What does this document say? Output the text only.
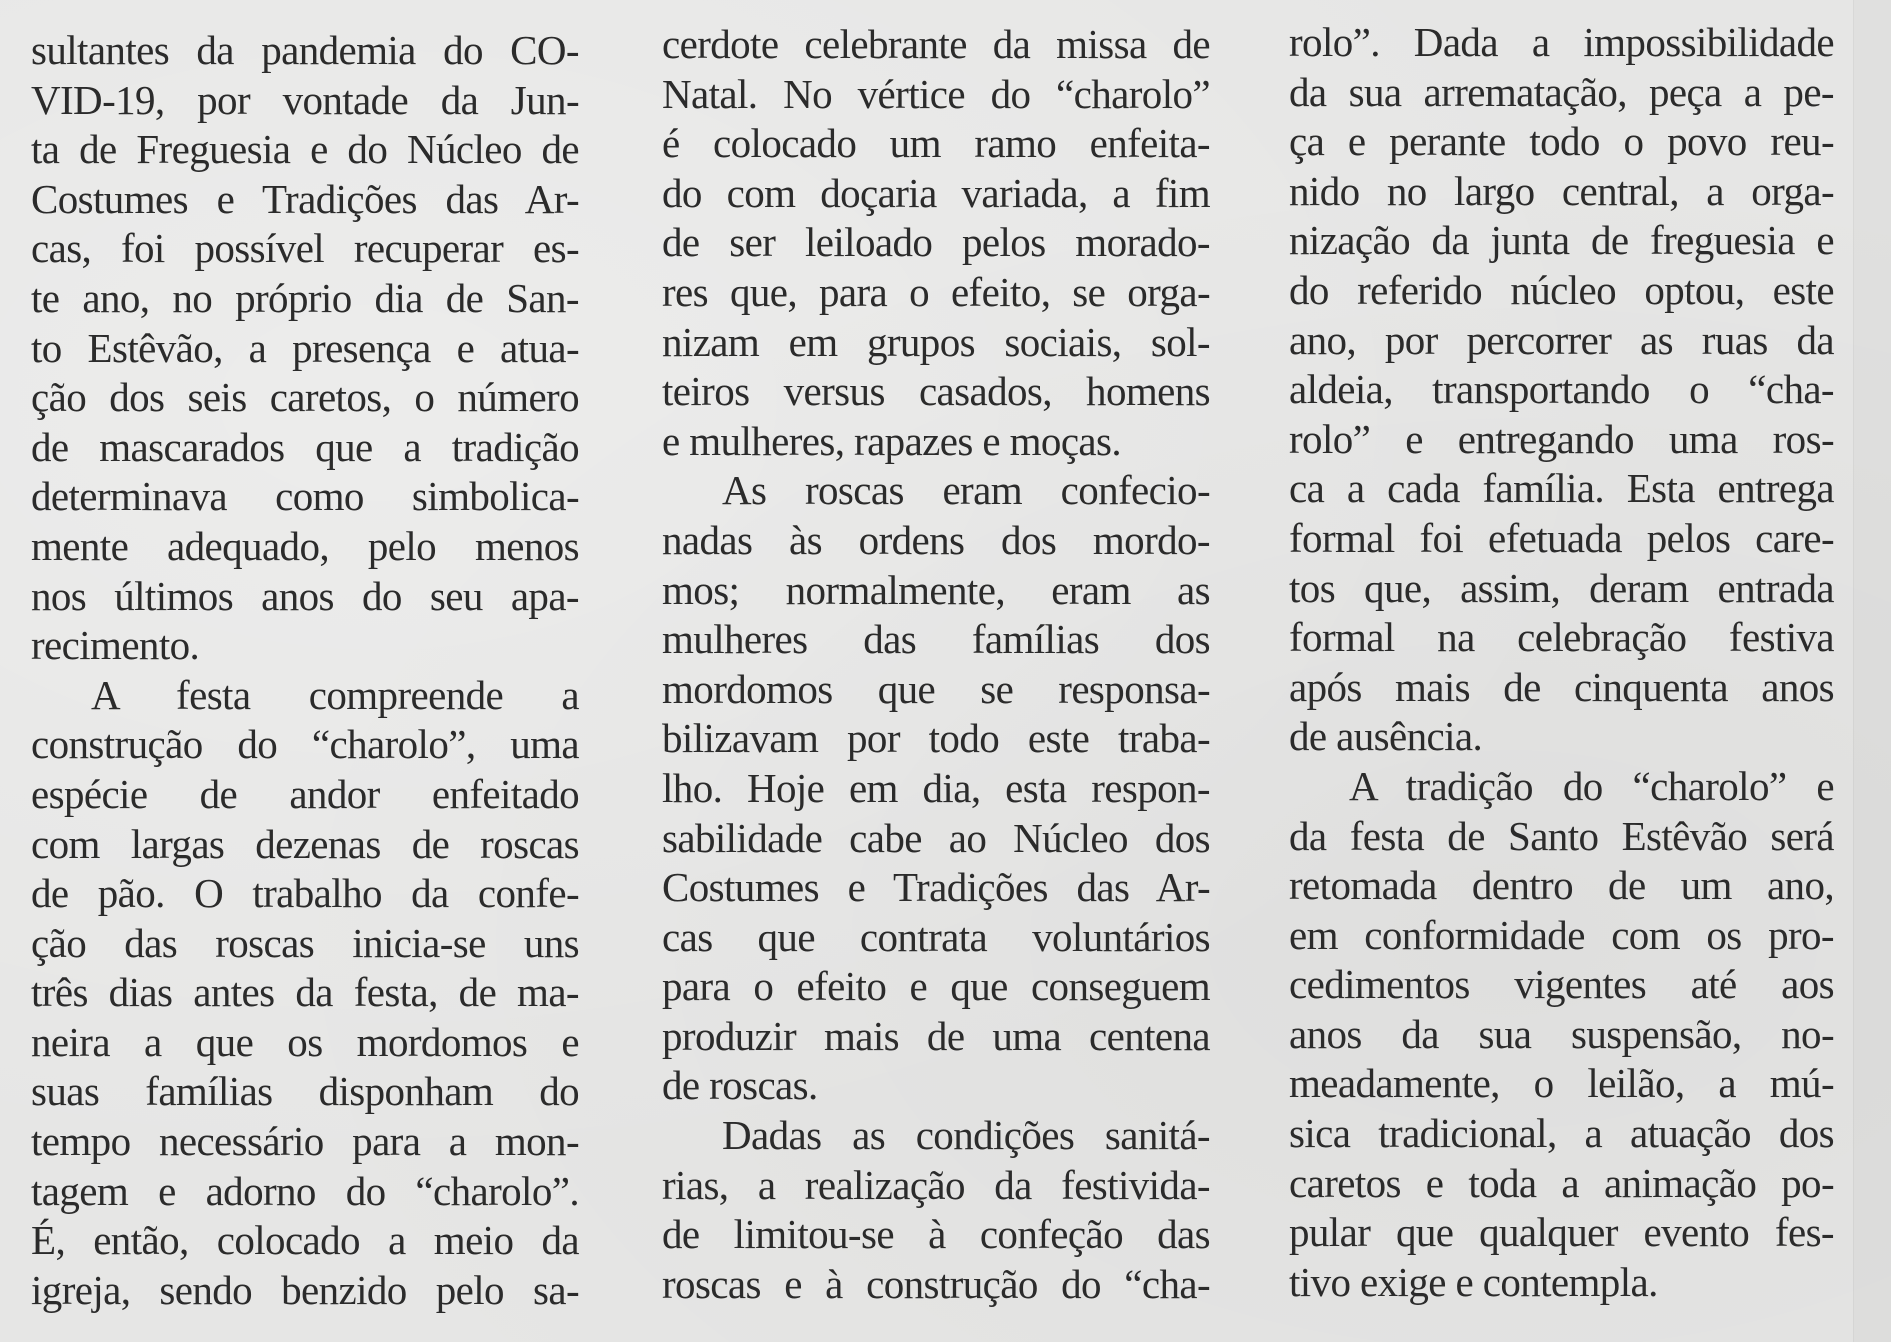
sultantes da pandemia do CO-
VID-19, por vontade da Jun-
ta de Freguesia e do Núcleo de
Costumes e Tradições das Ar-
cas, foi possível recuperar es-
te ano, no próprio dia de San-
to Estêvão, a presença e atua-
ção dos seis caretos, o número
de mascarados que a tradição
determinava como simbolica-
mente adequado, pelo menos
nos últimos anos do seu apa-
recimento.
A festa compreende a
construção do “charolo”, uma
espécie de andor enfeitado
com largas dezenas de roscas
de pão. O trabalho da confe-
ção das roscas inicia-se uns
três dias antes da festa, de ma-
neira a que os mordomos e
suas famílias disponham do
tempo necessário para a mon-
tagem e adorno do “charolo”.
É, então, colocado a meio da
igreja, sendo benzido pelo sa-
cerdote celebrante da missa de
Natal. No vértice do “charolo”
é colocado um ramo enfeita-
do com doçaria variada, a fim
de ser leiloado pelos morado-
res que, para o efeito, se orga-
nizam em grupos sociais, sol-
teiros versus casados, homens
e mulheres, rapazes e moças.
As roscas eram confecio-
nadas às ordens dos mordo-
mos; normalmente, eram as
mulheres das famílias dos
mordomos que se responsa-
bilizavam por todo este traba-
lho. Hoje em dia, esta respon-
sabilidade cabe ao Núcleo dos
Costumes e Tradições das Ar-
cas que contrata voluntários
para o efeito e que conseguem
produzir mais de uma centena
de roscas.
Dadas as condições sanitá-
rias, a realização da festivida-
de limitou-se à confeção das
roscas e à construção do “cha-
rolo”. Dada a impossibilidade
da sua arrematação, peça a pe-
ça e perante todo o povo reu-
nido no largo central, a orga-
nização da junta de freguesia e
do referido núcleo optou, este
ano, por percorrer as ruas da
aldeia, transportando o “cha-
rolo” e entregando uma ros-
ca a cada família. Esta entrega
formal foi efetuada pelos care-
tos que, assim, deram entrada
formal na celebração festiva
após mais de cinquenta anos
de ausência.
A tradição do “charolo” e
da festa de Santo Estêvão será
retomada dentro de um ano,
em conformidade com os pro-
cedimentos vigentes até aos
anos da sua suspensão, no-
meadamente, o leilão, a mú-
sica tradicional, a atuação dos
caretos e toda a animação po-
pular que qualquer evento fes-
tivo exige e contempla.
